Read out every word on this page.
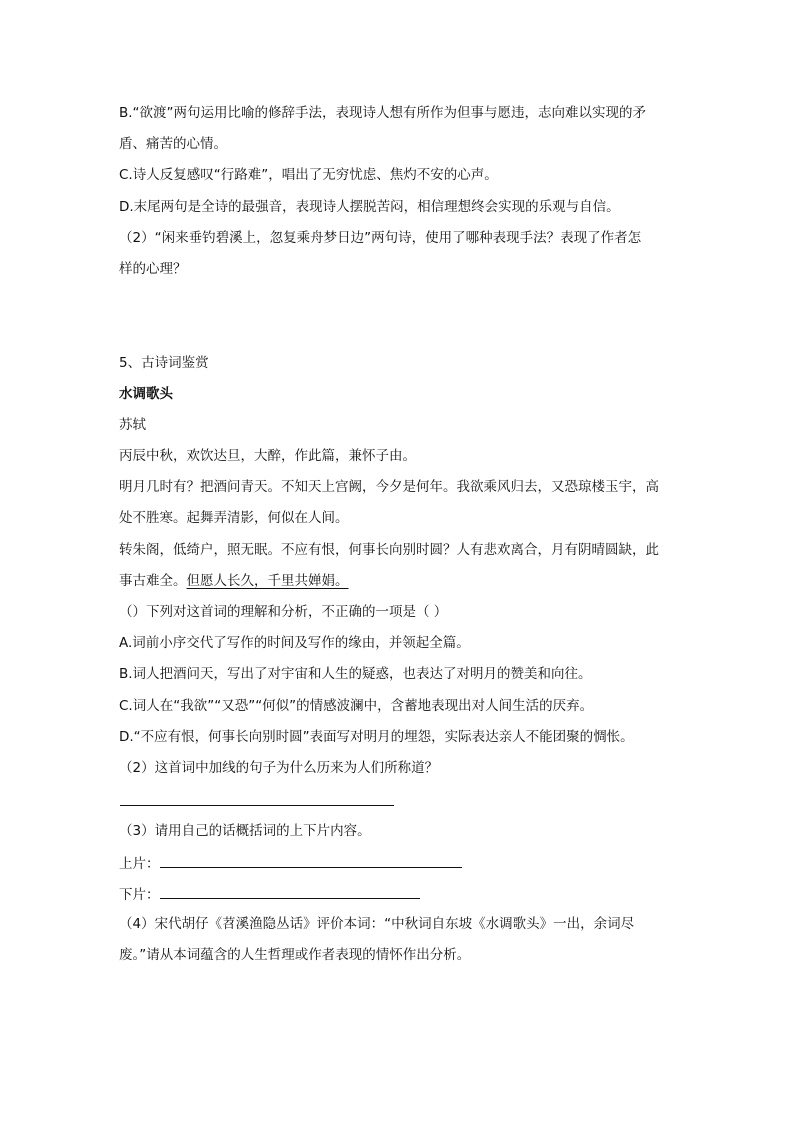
B.“欲渡”两句运用比喻的修辞手法，表现诗人想有所作为但事与愿违，志向难以实现的矛
盾、痛苦的心情。
C.诗人反复感叹“行路难”，唱出了无穷忧虑、焦灼不安的心声。
D.末尾两句是全诗的最强音，表现诗人摆脱苦闷，相信理想终会实现的乐观与自信。
（2）“闲来垂钓碧溪上，忽复乘舟梦日边”两句诗，使用了哪种表现手法？表现了作者怎
样的心理？
5、古诗词鉴赏
水调歌头
苏轼
丙辰中秋，欢饮达旦，大醉，作此篇，兼怀子由。
明月几时有？把酒问青天。不知天上宫阙，今夕是何年。我欲乘风归去，又恐琼楼玉宇，高
处不胜寒。起舞弄清影，何似在人间。
转朱阁，低绮户，照无眠。不应有恨，何事长向别时圆？人有悲欢离合，月有阴晴圆缺，此
事古难全。但愿人长久，千里共婵娟。
（）下列对这首词的理解和分析，不正确的一项是（ ）
A.词前小序交代了写作的时间及写作的缘由，并领起全篇。
B.词人把酒问天，写出了对宇宙和人生的疑惑，也表达了对明月的赞美和向往。
C.词人在“我欲”“又恐”“何似”的情感波澜中，含蓄地表现出对人间生活的厌弃。
D.“不应有恨，何事长向别时圆”表面写对明月的埋怨，实际表达亲人不能团聚的惆怅。
（2）这首词中加线的句子为什么历来为人们所称道？
（3）请用自己的话概括词的上下片内容。
上片：
下片：
（4）宋代胡仔《苕溪渔隐丛话》评价本词：“中秋词自东坡《水调歌头》一出，余词尽
废。”请从本词蕴含的人生哲理或作者表现的情怀作出分析。
